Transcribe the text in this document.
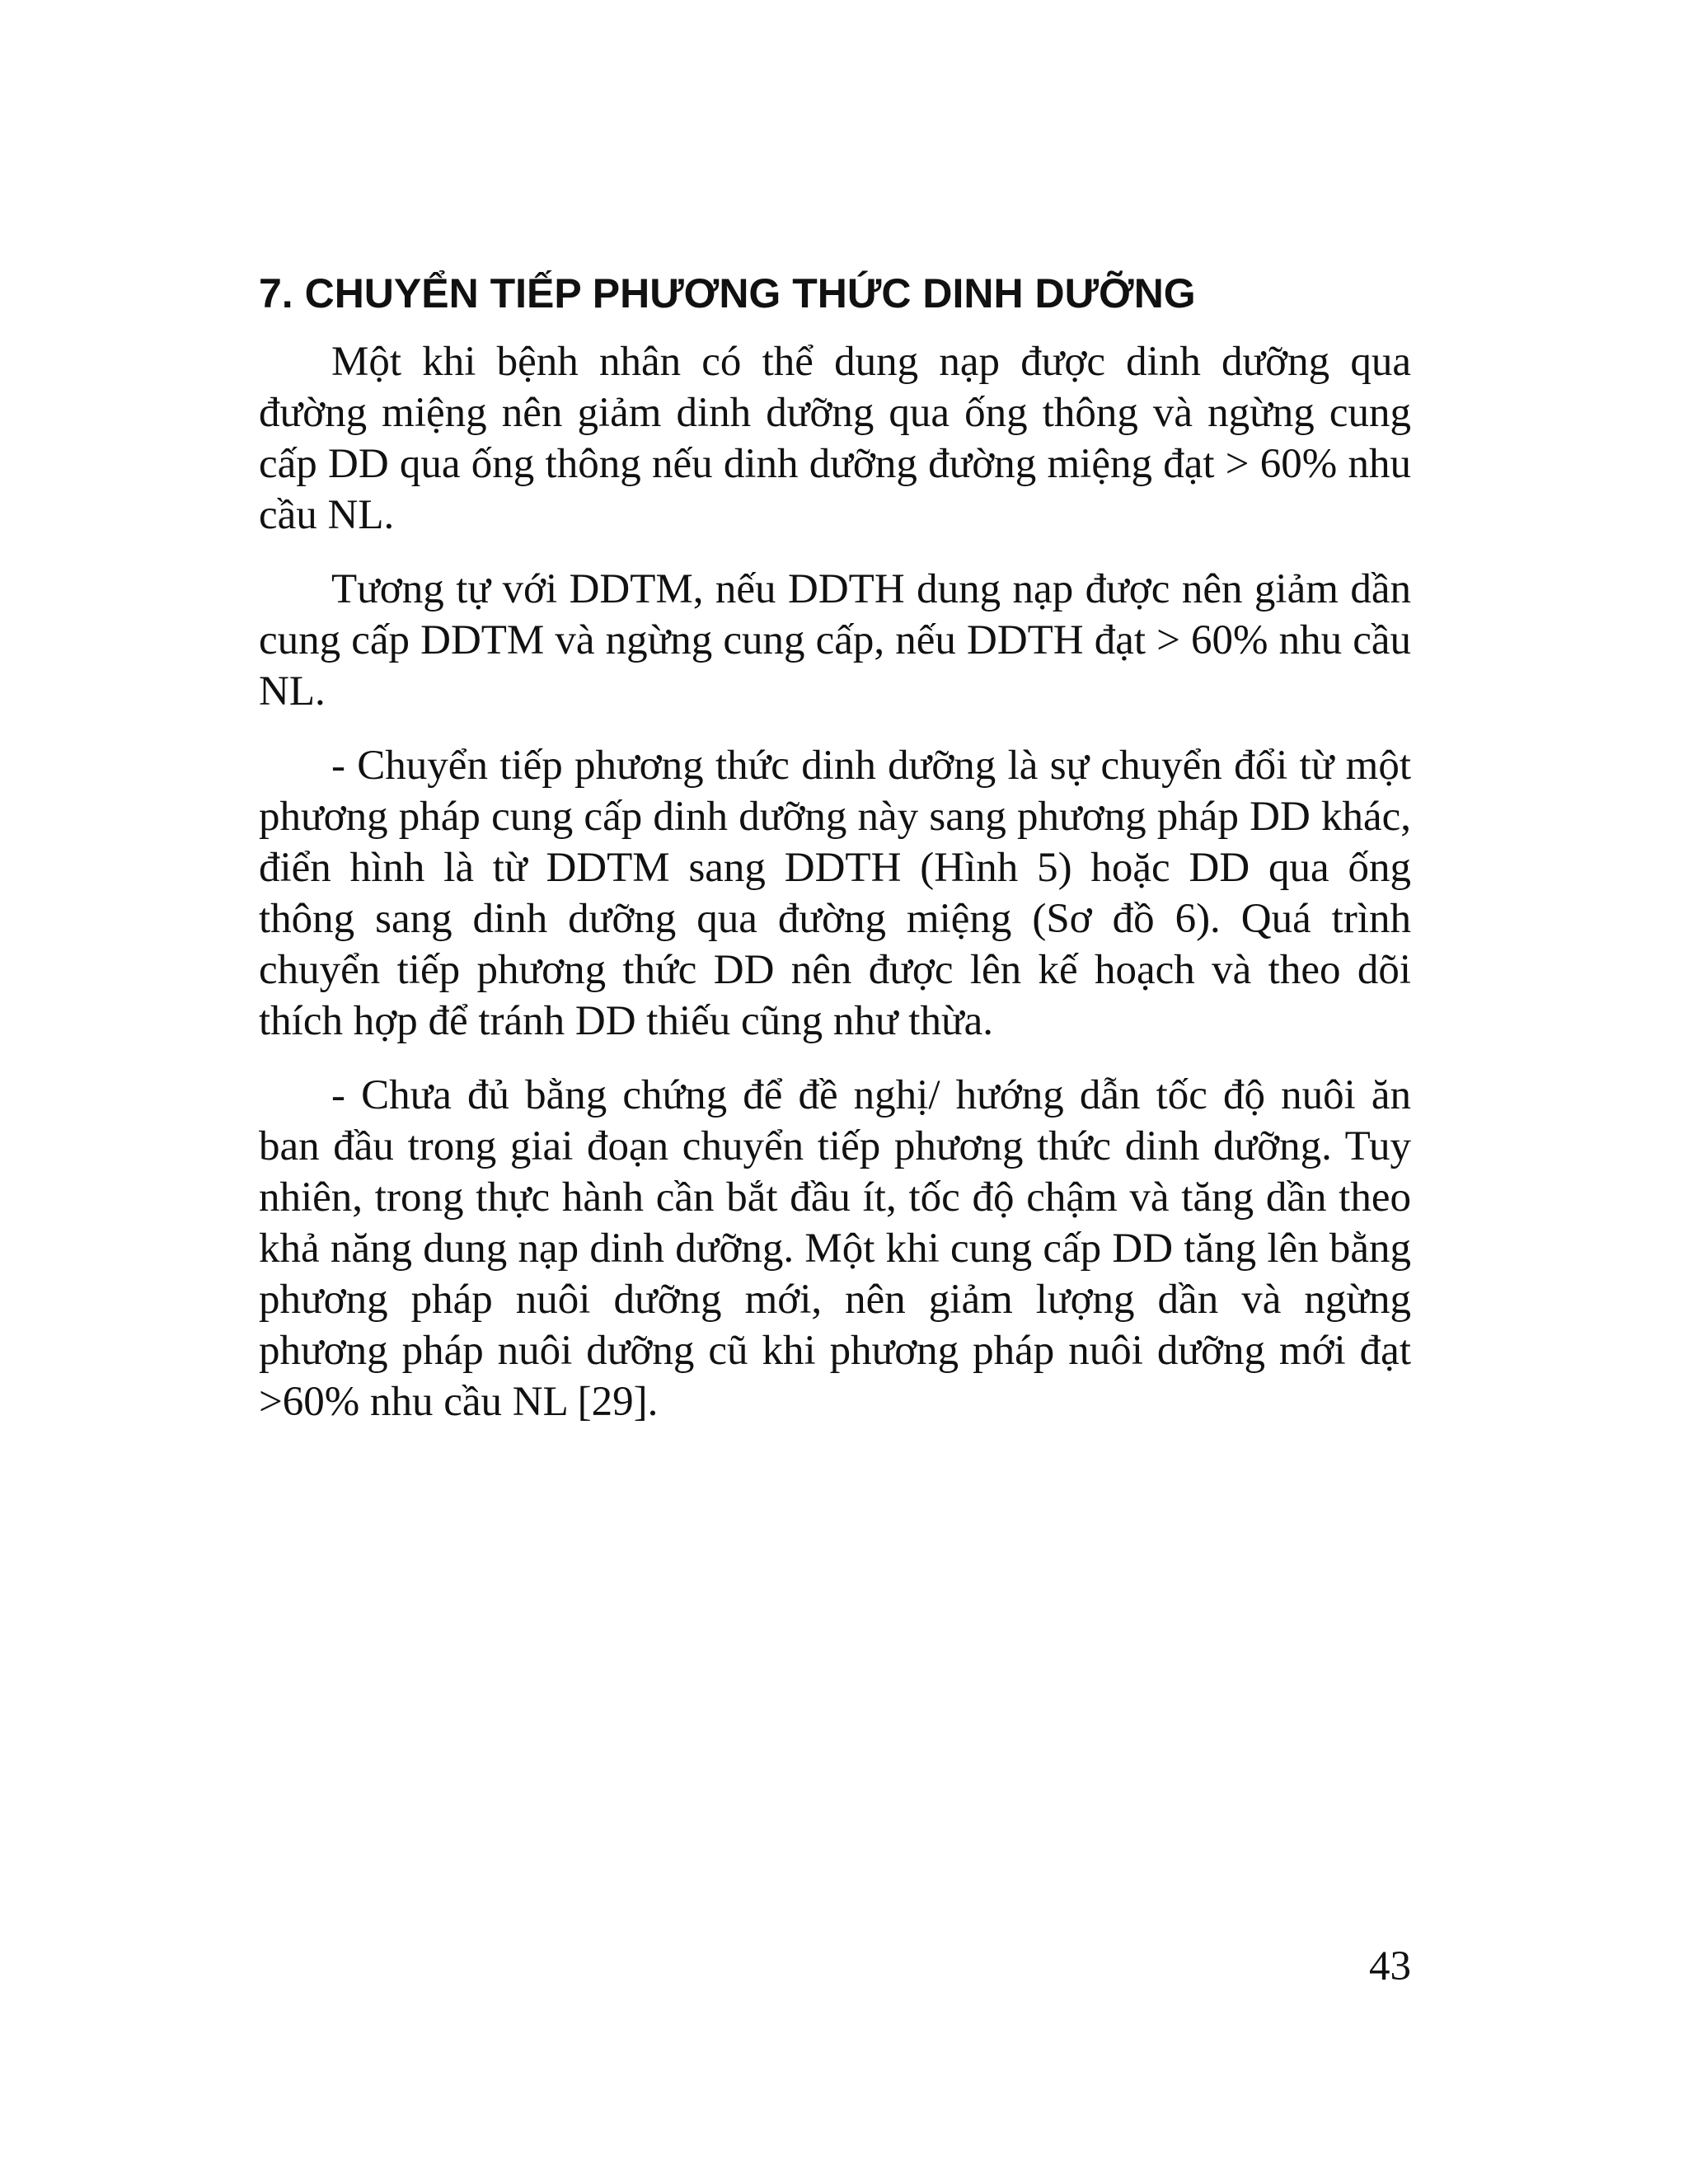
7. CHUYỂN TIẾP PHƯƠNG THỨC DINH DƯỠNG

Một khi bệnh nhân có thể dung nạp được dinh dưỡng qua đường miệng nên giảm dinh dưỡng qua ống thông và ngừng cung cấp DD qua ống thông nếu dinh dưỡng đường miệng đạt > 60% nhu cầu NL.

Tương tự với DDTM, nếu DDTH dung nạp được nên giảm dần cung cấp DDTM và ngừng cung cấp, nếu DDTH đạt > 60% nhu cầu NL.

- Chuyển tiếp phương thức dinh dưỡng là sự chuyển đổi từ một phương pháp cung cấp dinh dưỡng này sang phương pháp DD khác, điển hình là từ DDTM sang DDTH (Hình 5) hoặc DD qua ống thông sang dinh dưỡng qua đường miệng (Sơ đồ 6). Quá trình chuyển tiếp phương thức DD nên được lên kế hoạch và theo dõi thích hợp để tránh DD thiếu cũng như thừa.

- Chưa đủ bằng chứng để đề nghị/ hướng dẫn tốc độ nuôi ăn ban đầu trong giai đoạn chuyển tiếp phương thức dinh dưỡng. Tuy nhiên, trong thực hành cần bắt đầu ít, tốc độ chậm và tăng dần theo khả năng dung nạp dinh dưỡng. Một khi cung cấp DD tăng lên bằng phương pháp nuôi dưỡng mới, nên giảm lượng dần và ngừng phương pháp nuôi dưỡng cũ khi phương pháp nuôi dưỡng mới đạt >60% nhu cầu NL [29].

43
